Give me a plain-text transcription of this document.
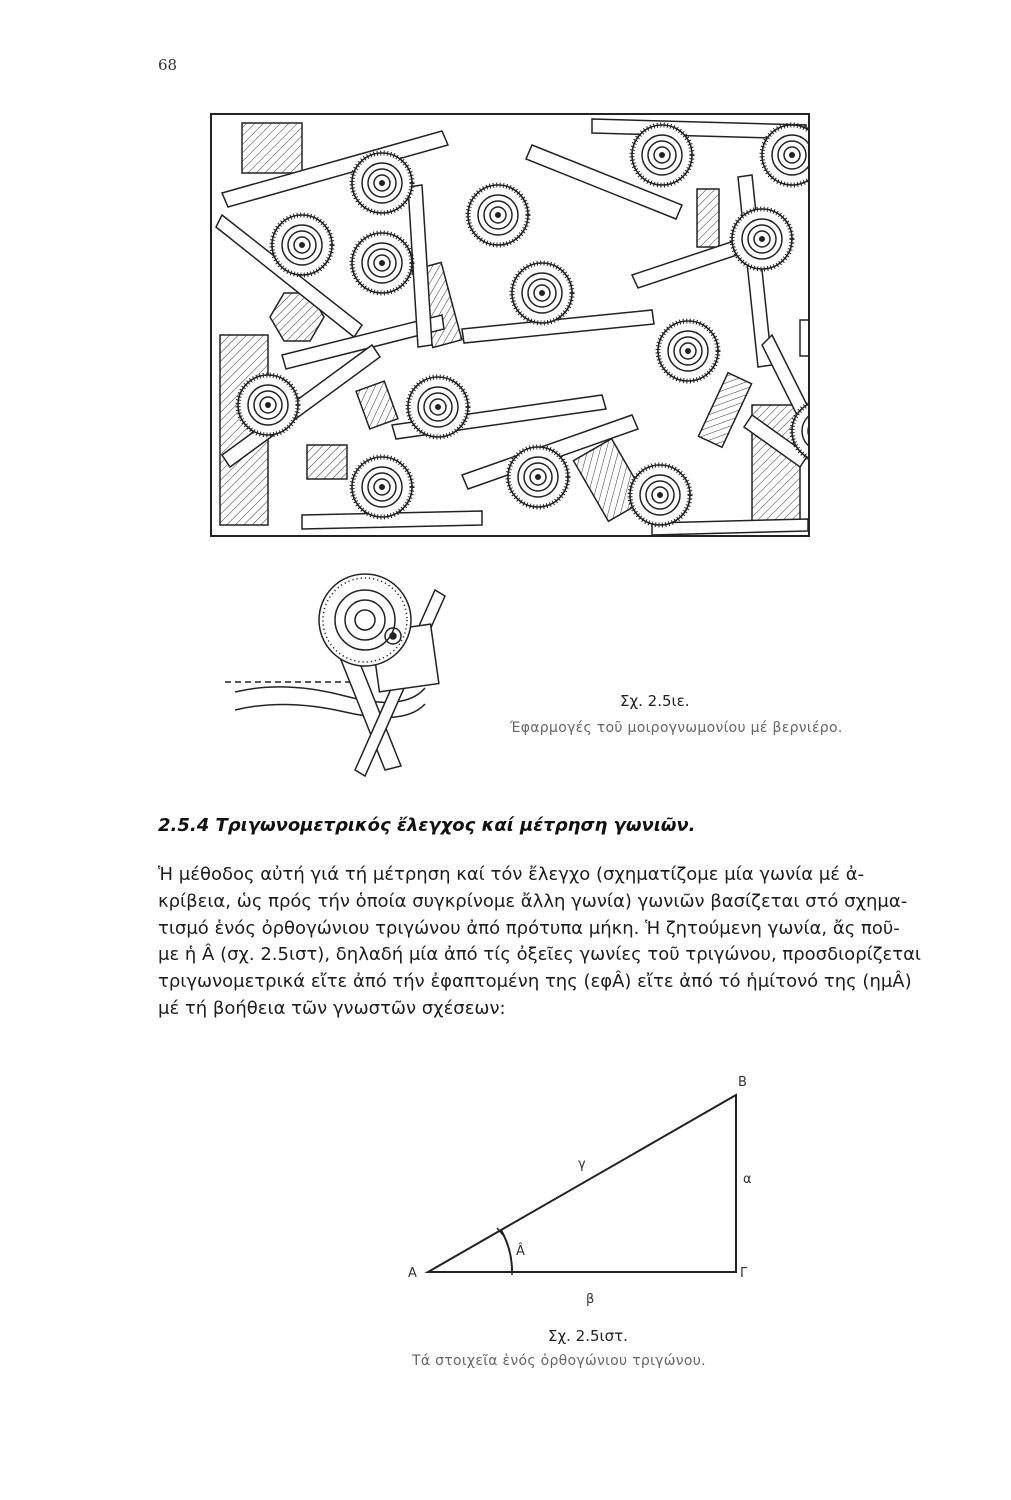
68
Σχ. 2.5ιε.
Έφαρμογές τοῦ μοιρογνωμονίου μέ βερνιέρο.
2.5.4 Τριγωνομετρικός ἔλεγχος καί μέτρηση γωνιῶν.
Ἡ μέθοδος αὐτή γιά τή μέτρηση καί τόν ἔλεγχο (σχηματίζομε μία γωνία μέ ἀ-
κρίβεια, ὡς πρός τήν ὁποία συγκρίνομε ἄλλη γωνία) γωνιῶν βασίζεται στό σχημα-
τισμό ἑνός ὀρθογώνιου τριγώνου ἀπό πρότυπα μήκη. Ἡ ζητούμενη γωνία, ἄς ποῦ-
με ἡ Â (σχ. 2.5ιστ), δηλαδή μία ἀπό τίς ὀξεῖες γωνίες τοῦ τριγώνου, προσδιορίζεται
τριγωνομετρικά εἴτε ἀπό τήν ἐφαπτομένη της (εφÂ) εἴτε ἀπό τό ἡμίτονό της (ημÂ)
μέ τή βοήθεια τῶν γνωστῶν σχέσεων:
Α
Β
Γ
γ
α
β
Â
Σχ. 2.5ιστ.
Τά στοιχεῖα ἑνός ὀρθογώνιου τριγώνου.
